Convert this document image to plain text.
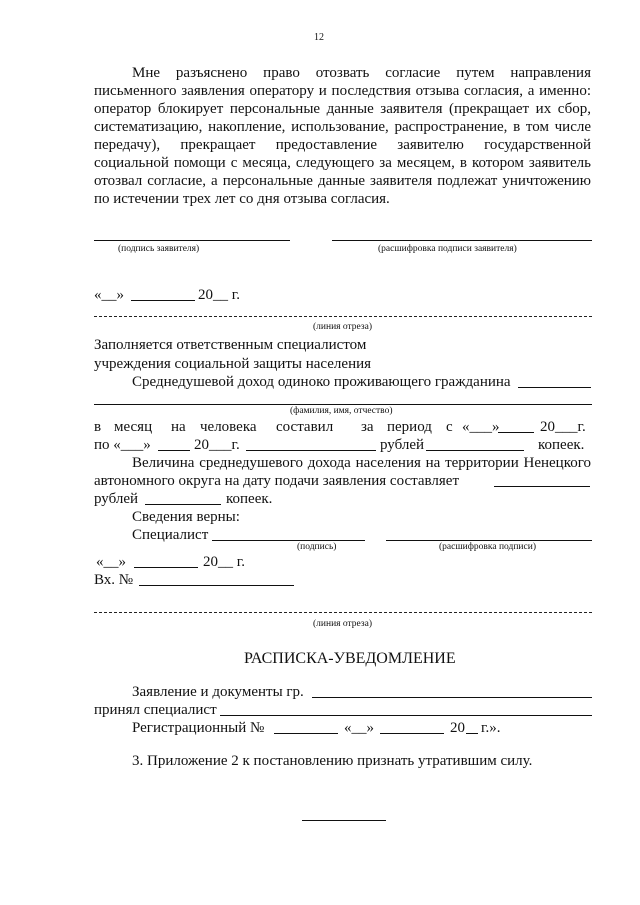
12
Мне разъяснено право отозвать согласие путем направления
письменного заявления оператору и последствия отзыва согласия, а именно:
оператор блокирует персональные данные заявителя (прекращает их сбор,
систематизацию, накопление, использование, распространение, в том числе
передачу), прекращает предоставление заявителю государственной
социальной помощи с месяца, следующего за месяцем, в котором заявитель
отозвал согласие, а персональные данные заявителя подлежат уничтожению
по истечении трех лет со дня отзыва согласия.
(подпись заявителя)	(расшифровка подписи заявителя)
«__»	20__ г.
(линия отреза)
Заполняется ответственным специалистом
учреждения социальной защиты населения
Среднедушевой доход одиноко проживающего гражданина
(фамилия, имя, отчество)
в месяц на человека составил за период с «___»	20___г.
по «___»	20___г.	рублей	копеек.
Величина среднедушевого дохода населения на территории Ненецкого
автономного округа на дату подачи заявления составляет
рублей	копеек.
Сведения верны:
Специалист
(подпись)	(расшифровка подписи)
«__»	20__ г.
Вх. №
(линия отреза)
РАСПИСКА-УВЕДОМЛЕНИЕ
Заявление и документы гр.
принял специалист
Регистрационный №	«__»	20 г.».
3. Приложение 2 к постановлению признать утратившим силу.
